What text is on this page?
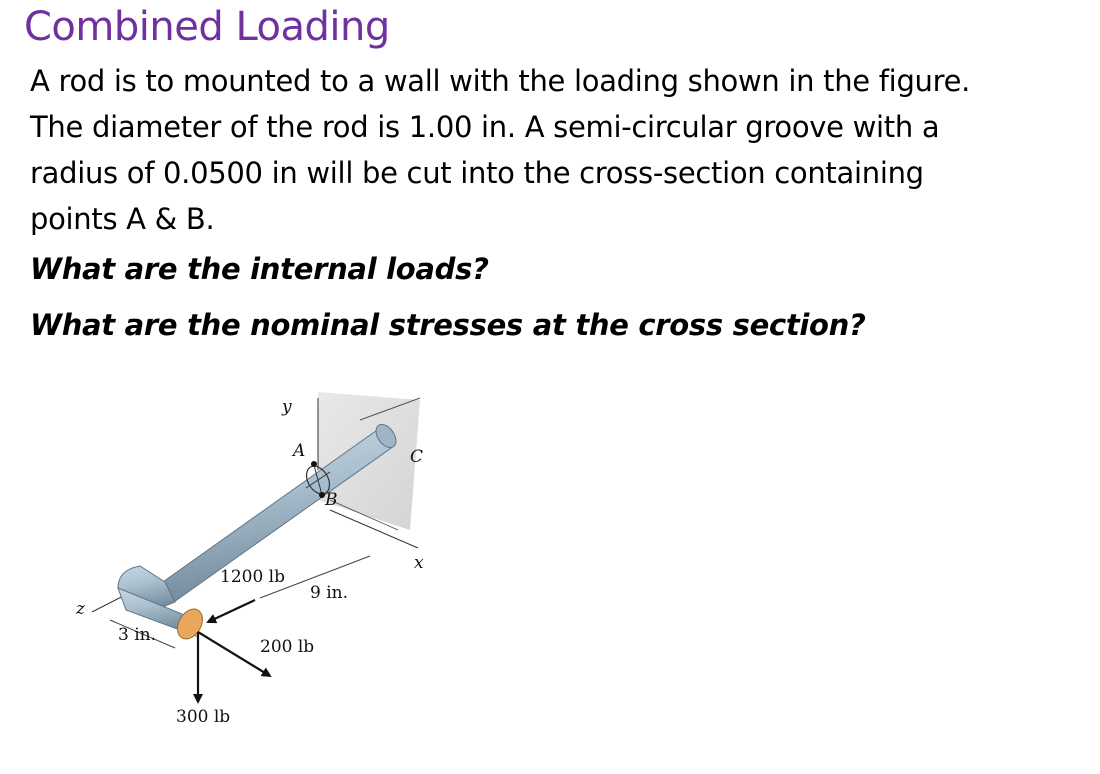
Combined Loading
A rod is to mounted to a wall with the loading shown in the figure.
The diameter of the rod is 1.00 in. A semi-circular groove with a
radius of 0.0500 in will be cut into the cross-section containing
points A & B.
What are the internal loads?
What are the nominal stresses at the cross section?
y
A
B
C
x
z
1200 lb
9 in.
3 in.
200 lb
300 lb
